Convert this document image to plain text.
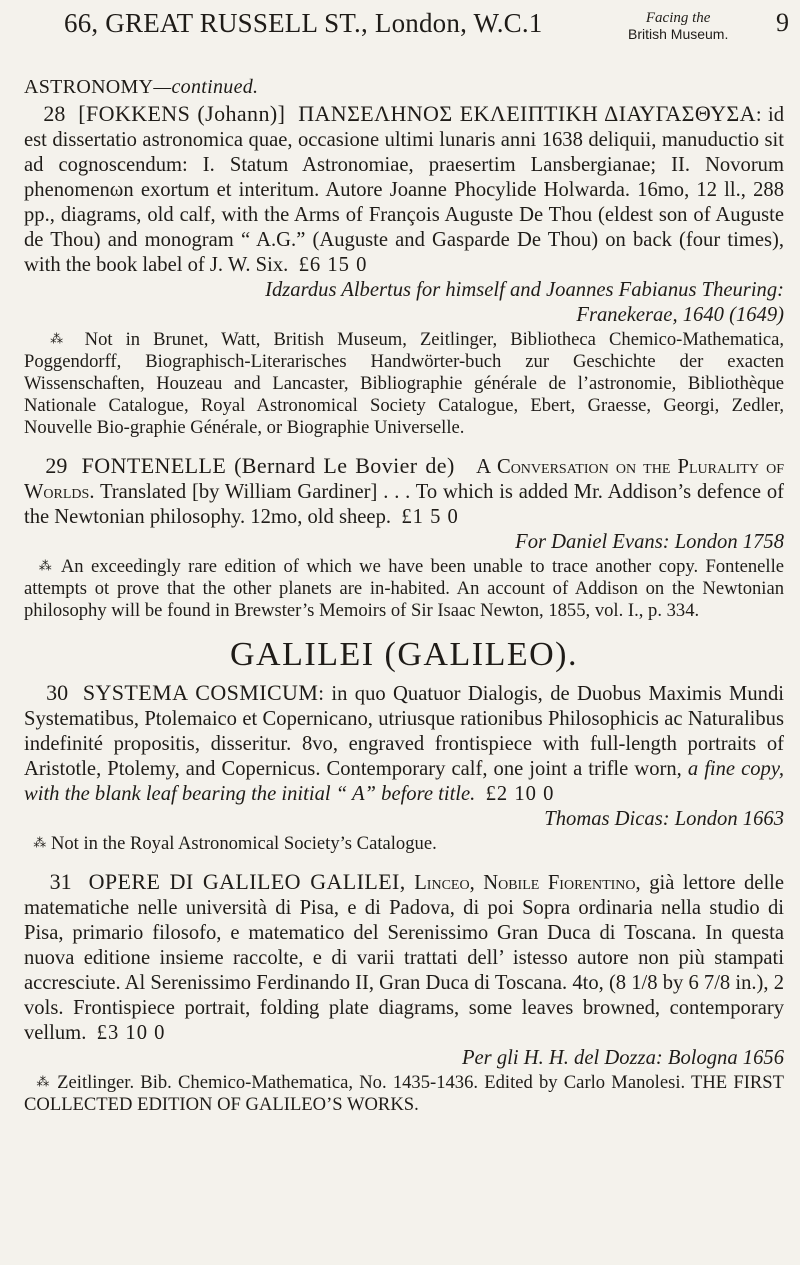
66, GREAT RUSSELL ST., London, W.C.1	Facing the
British Museum. 9
ASTRONOMY—continued.

28 [FOKKENS (Johann)] ΠΑΝΣΕΛΗΝΟΣ ΕΚΛΕΙΠΤΙΚΗ ΔΙΑΥΓΑΣΘΥΣΑ: id est dissertatio astronomica quae, occasione ultimi lunaris anni 1638 deliquii, manuductio sit ad cognoscendum: I. Statum Astronomiae, praesertim Lansbergianae; II. Novorum phenomenωn exortum et interitum. Autore Joanne Phocylide Holwarda. 16mo, 12 ll., 288 pp., diagrams, old calf, with the Arms of François Auguste De Thou (eldest son of Auguste de Thou) and monogram “ A.G.” (Auguste and Gasparde De Thou) on back (four times), with the book label of J. W. Six. £6 15 0

Idzardus Albertus for himself and Joannes Fabianus Theuring:

Franekerae, 1640 (1649)

⁂ Not in Brunet, Watt, British Museum, Zeitlinger, Bibliotheca Chemico-Mathematica, Poggendorff, Biographisch-Literarisches Handwörter-buch zur Geschichte der exacten Wissenschaften, Houzeau and Lancaster, Bibliographie générale de l’astronomie, Bibliothèque Nationale Catalogue, Royal Astronomical Society Catalogue, Ebert, Graesse, Georgi, Zedler, Nouvelle Bio-graphie Générale, or Biographie Universelle.

29 FONTENELLE (Bernard Le Bovier de) A Conversation on the Plurality of Worlds. Translated [by William Gardiner] . . . To which is added Mr. Addison’s defence of the Newtonian philosophy. 12mo, old sheep. £1 5 0

For Daniel Evans: London 1758

⁂ An exceedingly rare edition of which we have been unable to trace another copy. Fontenelle attempts ot prove that the other planets are in-habited. An account of Addison on the Newtonian philosophy will be found in Brewster’s Memoirs of Sir Isaac Newton, 1855, vol. I., p. 334.

GALILEI (GALILEO).

30 SYSTEMA COSMICUM: in quo Quatuor Dialogis, de Duobus Maximis Mundi Systematibus, Ptolemaico et Copernicano, utriusque rationibus Philosophicis ac Naturalibus indefinité propositis, disseritur. 8vo, engraved frontispiece with full-length portraits of Aristotle, Ptolemy, and Copernicus. Contemporary calf, one joint a trifle worn, a fine copy, with the blank leaf bearing the initial “ A” before title. £2 10 0

Thomas Dicas: London 1663

⁂ Not in the Royal Astronomical Society’s Catalogue.

31 OPERE DI GALILEO GALILEI, Linceo, Nobile Fiorentino, già lettore delle matematiche nelle università di Pisa, e di Padova, di poi Sopra ordinaria nella studio di Pisa, primario filosofo, e matematico del Serenissimo Gran Duca di Toscana. In questa nuova editione insieme raccolte, e di varii trattati dell’ istesso autore non più stampati accresciute. Al Serenissimo Ferdinando II, Gran Duca di Toscana. 4to, (8 1/8 by 6 7/8 in.), 2 vols. Frontispiece portrait, folding plate diagrams, some leaves browned, contemporary vellum. £3 10 0

Per gli H. H. del Dozza: Bologna 1656

⁂ Zeitlinger. Bib. Chemico-Mathematica, No. 1435-1436. Edited by Carlo Manolesi. THE FIRST COLLECTED EDITION OF GALILEO’S WORKS.
